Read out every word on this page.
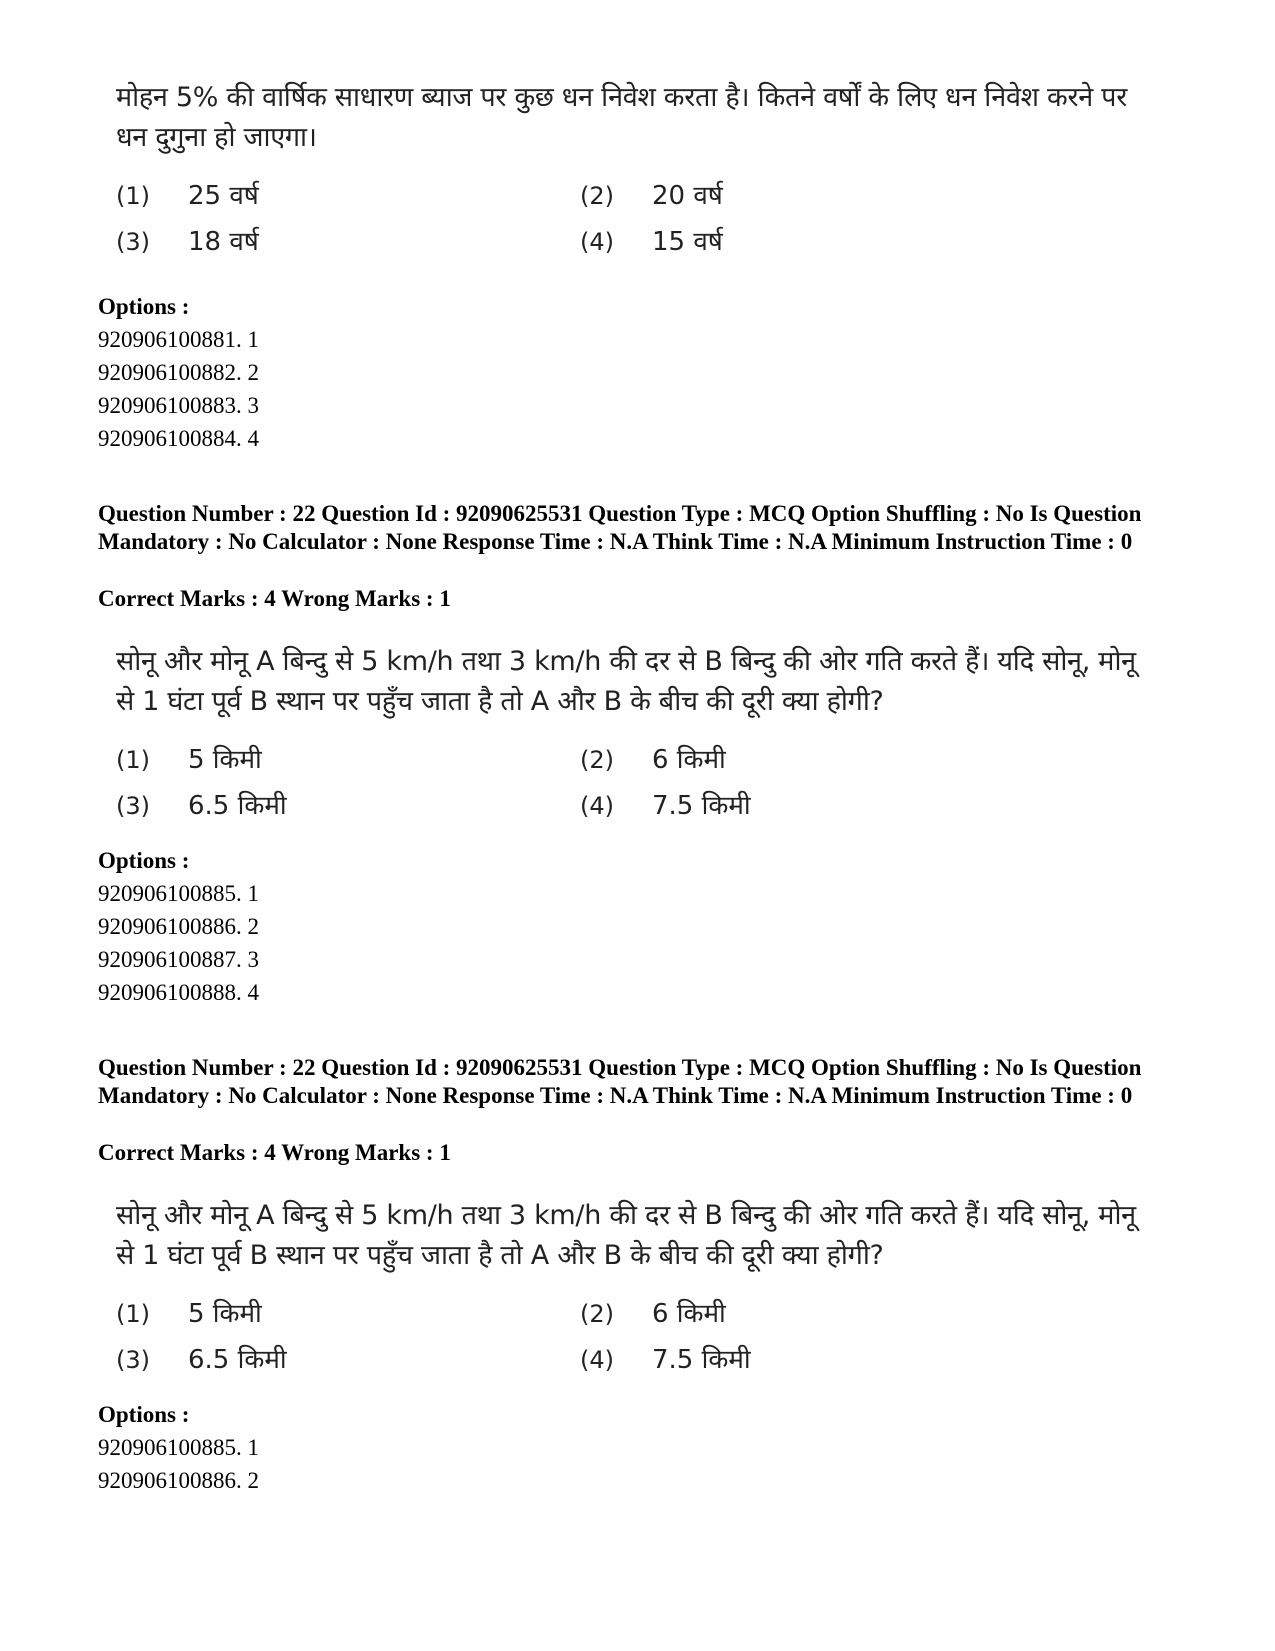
मोहन 5% की वार्षिक साधारण ब्याज पर कुछ धन निवेश करता है। कितने वर्षों के लिए धन निवेश करने पर धन दुगुना हो जाएगा।

(1) 25 वर्ष	(2) 20 वर्ष
(3) 18 वर्ष	(4) 15 वर्ष
Options :
920906100881. 1
920906100882. 2
920906100883. 3
920906100884. 4

Question Number : 22 Question Id : 92090625531 Question Type : MCQ Option Shuffling : No Is Question Mandatory : No Calculator : None Response Time : N.A Think Time : N.A Minimum Instruction Time : 0

Correct Marks : 4 Wrong Marks : 1

सोनू और मोनू A बिन्दु से 5 km/h तथा 3 km/h की दर से B बिन्दु की ओर गति करते हैं। यदि सोनू, मोनू से 1 घंटा पूर्व B स्थान पर पहुँच जाता है तो A और B के बीच की दूरी क्या होगी?

(1) 5 किमी	(2) 6 किमी
(3) 6.5 किमी	(4) 7.5 किमी
Options :
920906100885. 1
920906100886. 2
920906100887. 3
920906100888. 4

Question Number : 22 Question Id : 92090625531 Question Type : MCQ Option Shuffling : No Is Question Mandatory : No Calculator : None Response Time : N.A Think Time : N.A Minimum Instruction Time : 0

Correct Marks : 4 Wrong Marks : 1

सोनू और मोनू A बिन्दु से 5 km/h तथा 3 km/h की दर से B बिन्दु की ओर गति करते हैं। यदि सोनू, मोनू से 1 घंटा पूर्व B स्थान पर पहुँच जाता है तो A और B के बीच की दूरी क्या होगी?

(1) 5 किमी	(2) 6 किमी
(3) 6.5 किमी	(4) 7.5 किमी
Options :
920906100885. 1
920906100886. 2
